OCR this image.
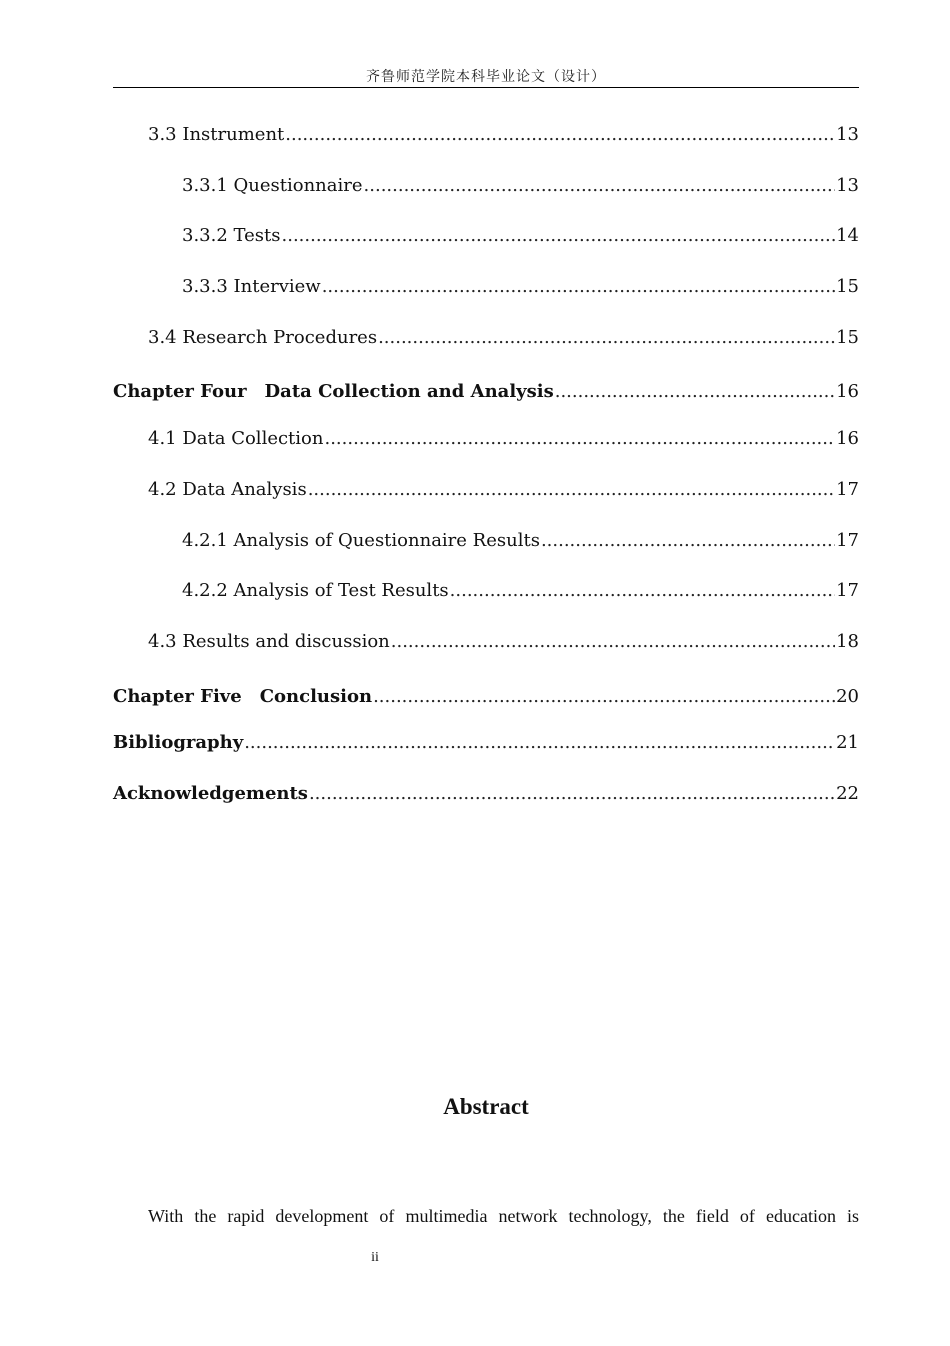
齐鲁师范学院本科毕业论文（设计）
3.3 Instrument .....	13
3.3.1 Questionnaire .....	13
3.3.2 Tests .....	14
3.3.3 Interview .....	15
3.4 Research Procedures .....	15
Chapter Four　Data Collection and Analysis .....	16
4.1 Data Collection .....	16
4.2 Data Analysis .....	17
4.2.1 Analysis of Questionnaire Results .....	17
4.2.2 Analysis of Test Results .....	17
4.3 Results and discussion .....	18
Chapter Five　Conclusion .....	20
Bibliography .....	21
Acknowledgements .....	22
Abstract
With the rapid development of multimedia network technology, the field of education is
ii
